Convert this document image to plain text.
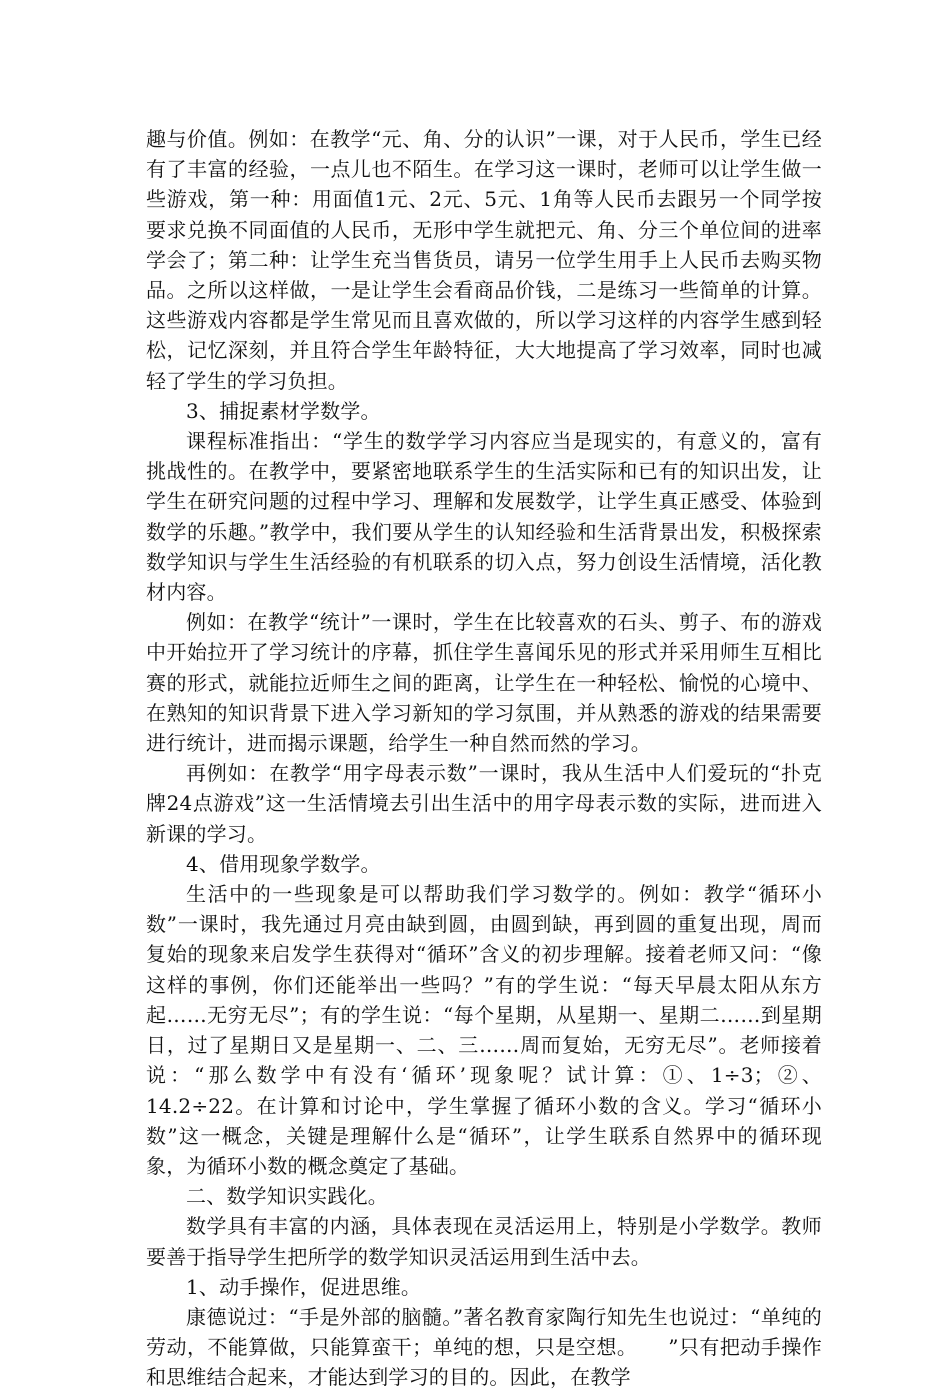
趣与价值。例如：在教学“元、角、分的认识”一课，对于人民币，学生已经有了丰富的经验，一点儿也不陌生。在学习这一课时，老师可以让学生做一些游戏，第一种：用面值1元、2元、5元、1角等人民币去跟另一个同学按要求兑换不同面值的人民币，无形中学生就把元、角、分三个单位间的进率学会了；第二种：让学生充当售货员，请另一位学生用手上人民币去购买物品。之所以这样做，一是让学生会看商品价钱，二是练习一些简单的计算。这些游戏内容都是学生常见而且喜欢做的，所以学习这样的内容学生感到轻松，记忆深刻，并且符合学生年龄特征，大大地提高了学习效率，同时也减轻了学生的学习负担。

3、捕捉素材学数学。

课程标准指出：“学生的数学学习内容应当是现实的，有意义的，富有挑战性的。在教学中，要紧密地联系学生的生活实际和已有的知识出发，让学生在研究问题的过程中学习、理解和发展数学，让学生真正感受、体验到数学的乐趣。”教学中，我们要从学生的认知经验和生活背景出发，积极探索数学知识与学生生活经验的有机联系的切入点，努力创设生活情境，活化教材内容。

例如：在教学“统计”一课时，学生在比较喜欢的石头、剪子、布的游戏中开始拉开了学习统计的序幕，抓住学生喜闻乐见的形式并采用师生互相比赛的形式，就能拉近师生之间的距离，让学生在一种轻松、愉悦的心境中、在熟知的知识背景下进入学习新知的学习氛围，并从熟悉的游戏的结果需要进行统计，进而揭示课题，给学生一种自然而然的学习。

再例如：在教学“用字母表示数”一课时，我从生活中人们爱玩的“扑克牌24点游戏”这一生活情境去引出生活中的用字母表示数的实际，进而进入新课的学习。

4、借用现象学数学。

生活中的一些现象是可以帮助我们学习数学的。例如：教学“循环小数”一课时，我先通过月亮由缺到圆，由圆到缺，再到圆的重复出现，周而复始的现象来启发学生获得对“循环”含义的初步理解。接着老师又问：“像这样的事例，你们还能举出一些吗？”有的学生说：“每天早晨太阳从东方起……无穷无尽”；有的学生说：“每个星期，从星期一、星期二……到星期日，过了星期日又是星期一、二、三……周而复始，无穷无尽”。老师接着说：“那么数学中有没有‘循环’现象呢？试计算：①、1÷3；②、14.2÷22。在计算和讨论中，学生掌握了循环小数的含义。学习“循环小数”这一概念，关键是理解什么是“循环”，让学生联系自然界中的循环现象，为循环小数的概念奠定了基础。

二、数学知识实践化。

数学具有丰富的内涵，具体表现在灵活运用上，特别是小学数学。教师要善于指导学生把所学的数学知识灵活运用到生活中去。

1、动手操作，促进思维。

康德说过：“手是外部的脑髓。”著名教育家陶行知先生也说过：“单纯的劳动，不能算做，只能算蛮干；单纯的想，只是空想。　　”只有把动手操作和思维结合起来，才能达到学习的目的。因此，在教学
